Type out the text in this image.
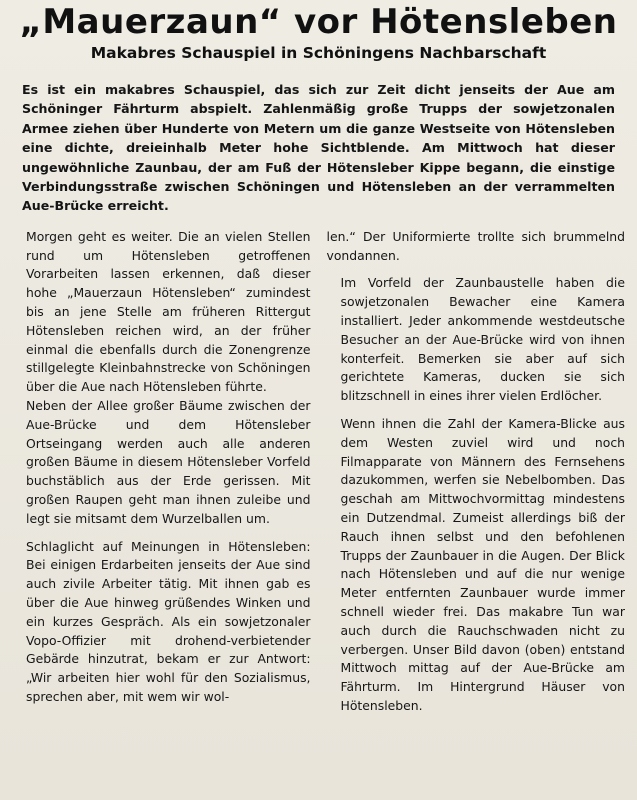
„Mauerzaun“ vor Hötensleben
Makabres Schauspiel in Schöningens Nachbarschaft

Es ist ein makabres Schauspiel, das sich zur Zeit dicht jenseits der Aue am Schöninger Fährturm abspielt. Zahlenmäßig große Trupps der sowjetzonalen Armee ziehen über Hunderte von Metern um die ganze Westseite von Hötensleben eine dichte, dreieinhalb Meter hohe Sichtblende. Am Mittwoch hat dieser ungewöhnliche Zaunbau, der am Fuß der Hötensleber Kippe begann, die einstige Verbindungsstraße zwischen Schöningen und Hötensleben an der verrammelten Aue-Brücke erreicht.

Morgen geht es weiter. Die an vielen Stellen rund um Hötensleben getroffenen Vorarbeiten lassen erkennen, daß dieser hohe „Mauerzaun Hötensleben“ zumindest bis an jene Stelle am früheren Rittergut Hötensleben reichen wird, an der früher einmal die ebenfalls durch die Zonengrenze stillgelegte Kleinbahnstrecke von Schöningen über die Aue nach Hötensleben führte.

Neben der Allee großer Bäume zwischen der Aue-Brücke und dem Hötensleber Ortseingang werden auch alle anderen großen Bäume in diesem Hötensleber Vorfeld buchstäblich aus der Erde gerissen. Mit großen Raupen geht man ihnen zuleibe und legt sie mitsamt dem Wurzelballen um.

Schlaglicht auf Meinungen in Hötensleben: Bei einigen Erdarbeiten jenseits der Aue sind auch zivile Arbeiter tätig. Mit ihnen gab es über die Aue hinweg grüßendes Winken und ein kurzes Gespräch. Als ein sowjetzonaler Vopo-Offizier mit drohend-verbietender Gebärde hinzutrat, bekam er zur Antwort: „Wir arbeiten hier wohl für den Sozialismus, sprechen aber, mit wem wir wol-

len.“ Der Uniformierte trollte sich brummelnd vondannen.

Im Vorfeld der Zaunbaustelle haben die sowjetzonalen Bewacher eine Kamera installiert. Jeder ankommende westdeutsche Besucher an der Aue-Brücke wird von ihnen konterfeit. Bemerken sie aber auf sich gerichtete Kameras, ducken sie sich blitzschnell in eines ihrer vielen Erdlöcher.

Wenn ihnen die Zahl der Kamera-Blicke aus dem Westen zuviel wird und noch Filmapparate von Männern des Fernsehens dazukommen, werfen sie Nebelbomben. Das geschah am Mittwochvormittag mindestens ein Dutzendmal. Zumeist allerdings biß der Rauch ihnen selbst und den befohlenen Trupps der Zaunbauer in die Augen. Der Blick nach Hötensleben und auf die nur wenige Meter entfernten Zaunbauer wurde immer schnell wieder frei. Das makabre Tun war auch durch die Rauchschwaden nicht zu verbergen. Unser Bild davon (oben) entstand Mittwoch mittag auf der Aue-Brücke am Fährturm. Im Hintergrund Häuser von Hötensleben.
